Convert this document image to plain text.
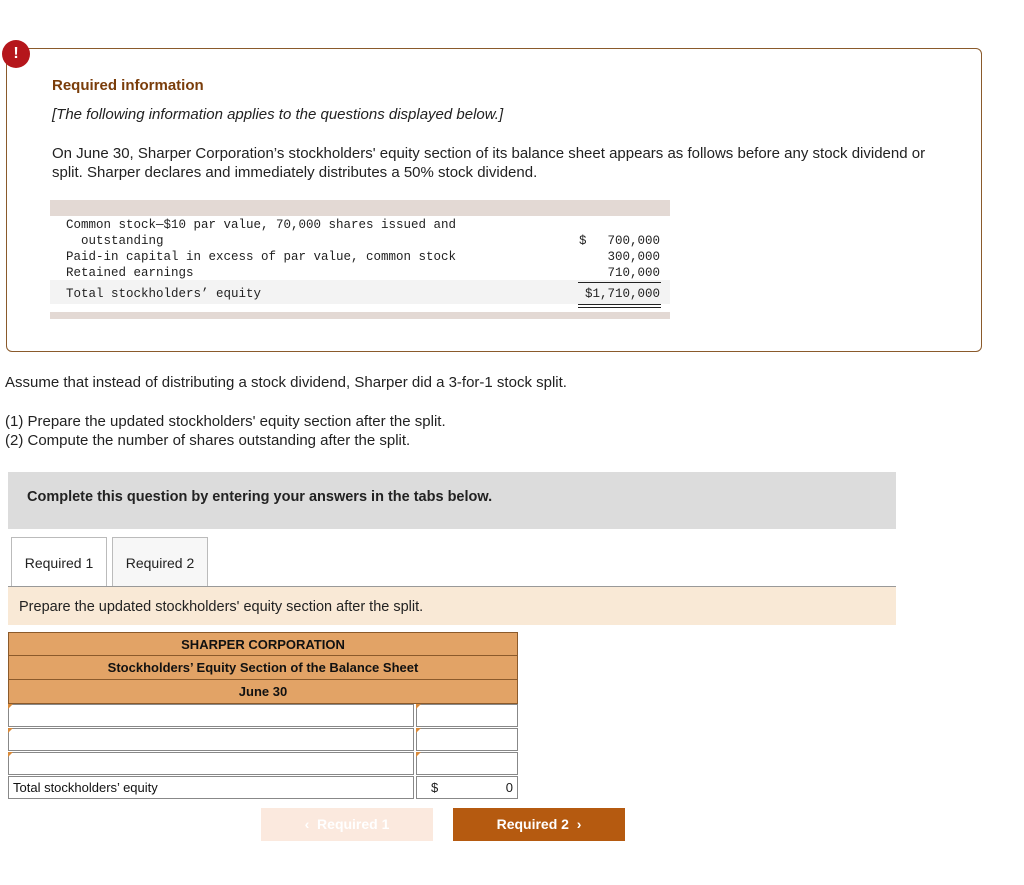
!
Required information
[The following information applies to the questions displayed below.]
On June 30, Sharper Corporation’s stockholders' equity section of its balance sheet appears as follows before any stock dividend or split. Sharper declares and immediately distributes a 50% stock dividend.
Common stock—$10 par value, 70,000 shares issued and
outstanding	$ 700,000
Paid-in capital in excess of par value, common stock	300,000
Retained earnings	710,000
Total stockholders’ equity	$1,710,000
Assume that instead of distributing a stock dividend, Sharper did a 3-for-1 stock split.
(1) Prepare the updated stockholders' equity section after the split.
(2) Compute the number of shares outstanding after the split.
Complete this question by entering your answers in the tabs below.
Required 1	Required 2
Prepare the updated stockholders' equity section after the split.
SHARPER CORPORATION
Stockholders’ Equity Section of the Balance Sheet
June 30
Total stockholders’ equity	$	0
‹ Required 1	Required 2 ›
